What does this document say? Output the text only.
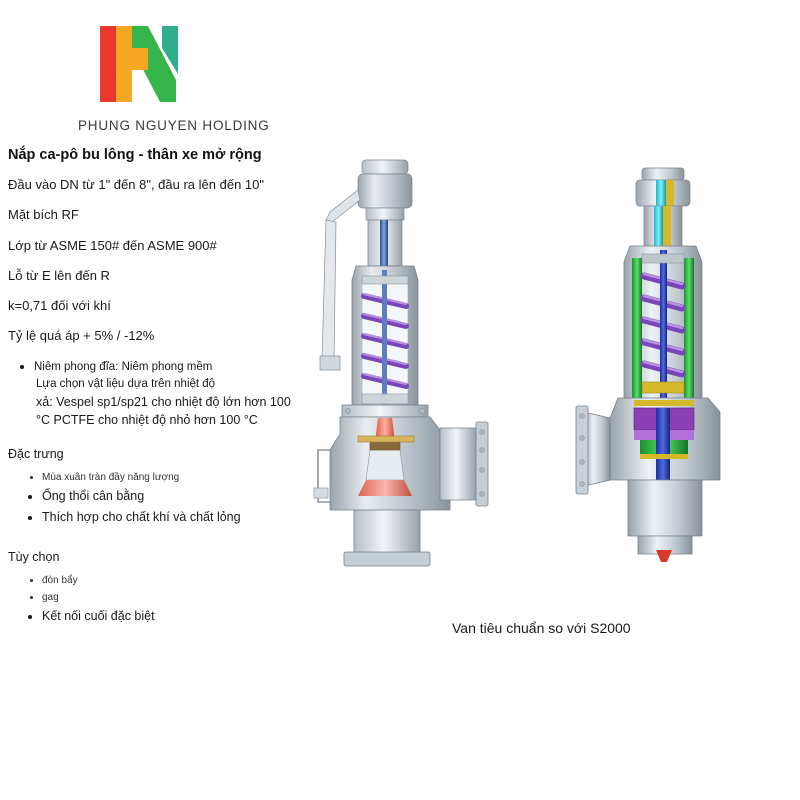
PHUNG NGUYEN HOLDING

Nắp ca-pô bu lông - thân xe mở rộng

Đầu vào DN từ 1" đến 8", đầu ra lên đến 10"

Mặt bích RF

Lớp từ ASME 150# đến ASME 900#

Lỗ từ E lên đến R

k=0,71 đối với khí

Tỷ lệ quá áp + 5% / -12%

• Niêm phong đĩa: Niêm phong mềm
Lựa chọn vật liệu dựa trên nhiệt độ
xả: Vespel sp1/sp21 cho nhiệt độ lớn hơn 100 °C PCTFE cho nhiệt độ nhỏ hơn 100 °C
Đặc trưng
• Mùa xuân tràn đầy năng lượng
• Ống thổi cân bằng
• Thích hợp cho chất khí và chất lỏng
Tùy chọn
• đòn bẩy
• gag
• Kết nối cuối đặc biệt
Van tiêu chuẩn so với S2000
